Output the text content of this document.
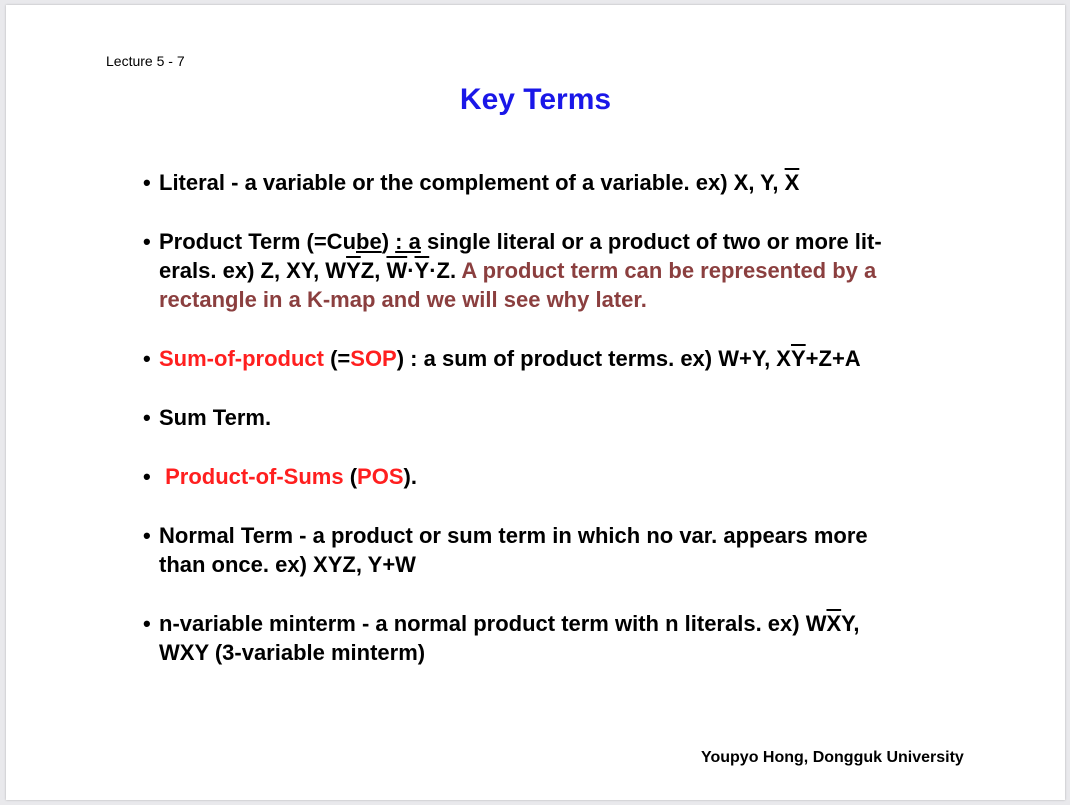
Lecture 5 - 7
Key Terms
• Literal - a variable or the complement of a variable. ex) X, Y, $\overline{X}$
• Product Term (=Cube) : a single literal or a product of two or more lit-
erals. ex) Z, XY, $W\overline{Y}Z$, $\overline{W}\cdot\overline{Y}\cdot Z$. A product term can be represented by a
rectangle in a K-map and we will see why later.
• Sum-of-product (=SOP) : a sum of product terms. ex) W+Y, $X\overline{Y}+Z+A$
• Sum Term.
• Product-of-Sums (POS).
• Normal Term - a product or sum term in which no var. appears more
than once. ex) XYZ, Y+W
• n-variable minterm - a normal product term with n literals. ex) $W\overline{X}Y$,
WXY (3-variable minterm)
Youpyo Hong, Dongguk University
